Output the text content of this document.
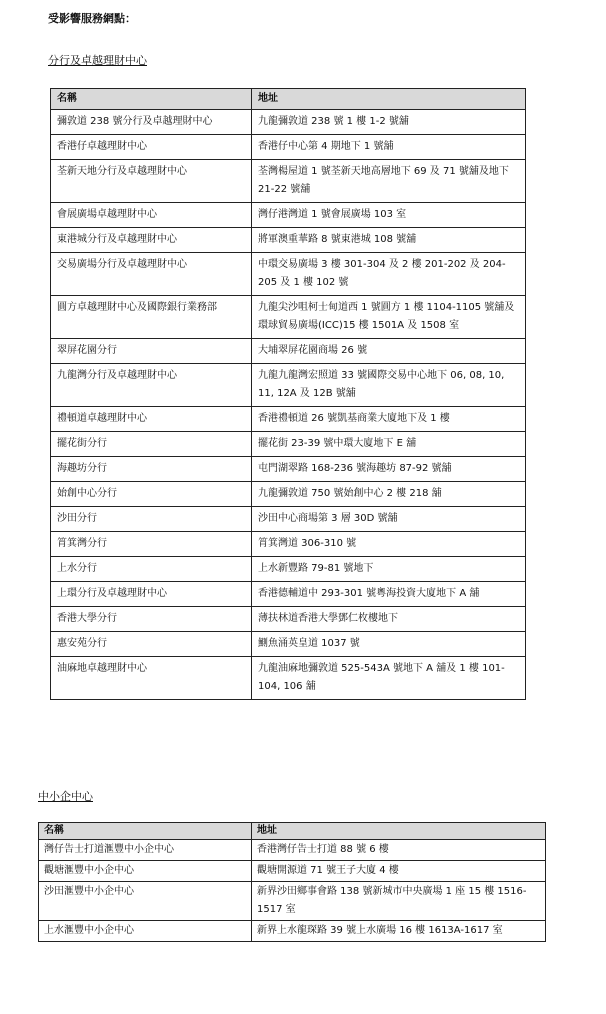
受影響服務網點：
分行及卓越理財中心
名稱	地址
彌敦道 238 號分行及卓越理財中心	九龍彌敦道 238 號 1 樓 1-2 號舖
香港仔卓越理財中心	香港仔中心第 4 期地下 1 號舖
荃新天地分行及卓越理財中心	荃灣楊屋道 1 號荃新天地高層地下 69 及 71 號舖及地下 21-22 號舖
會展廣場卓越理財中心	灣仔港灣道 1 號會展廣場 103 室
東港城分行及卓越理財中心	將軍澳重華路 8 號東港城 108 號舖
交易廣場分行及卓越理財中心	中環交易廣場 3 樓 301-304 及 2 樓 201-202 及 204-205 及 1 樓 102 號
圓方卓越理財中心及國際銀行業務部	九龍尖沙咀柯士甸道西 1 號圓方 1 樓 1104-1105 號舖及環球貿易廣場(ICC)15 樓 1501A 及 1508 室
翠屏花園分行	大埔翠屏花園商場 26 號
九龍灣分行及卓越理財中心	九龍九龍灣宏照道 33 號國際交易中心地下 06, 08, 10, 11, 12A 及 12B 號舖
禮頓道卓越理財中心	香港禮頓道 26 號凱基商業大廈地下及 1 樓
擺花街分行	擺花街 23-39 號中環大廈地下 E 舖
海趣坊分行	屯門湖翠路 168-236 號海趣坊 87-92 號舖
始創中心分行	九龍彌敦道 750 號始創中心 2 樓 218 舖
沙田分行	沙田中心商場第 3 層 30D 號舖
筲箕灣分行	筲箕灣道 306-310 號
上水分行	上水新豐路 79-81 號地下
上環分行及卓越理財中心	香港德輔道中 293-301 號粵海投資大廈地下 A 舖
香港大學分行	薄扶林道香港大學鄧仁枚樓地下
惠安苑分行	鰂魚涌英皇道 1037 號
油麻地卓越理財中心	九龍油麻地彌敦道 525-543A 號地下 A 舖及 1 樓 101-104, 106 舖
中小企中心
名稱	地址
灣仔告士打道滙豐中小企中心	香港灣仔告士打道 88 號 6 樓
觀塘滙豐中小企中心	觀塘開源道 71 號王子大廈 4 樓
沙田滙豐中小企中心	新界沙田鄉事會路 138 號新城市中央廣場 1 座 15 樓 1516-1517 室
上水滙豐中小企中心	新界上水龍琛路 39 號上水廣場 16 樓 1613A-1617 室
